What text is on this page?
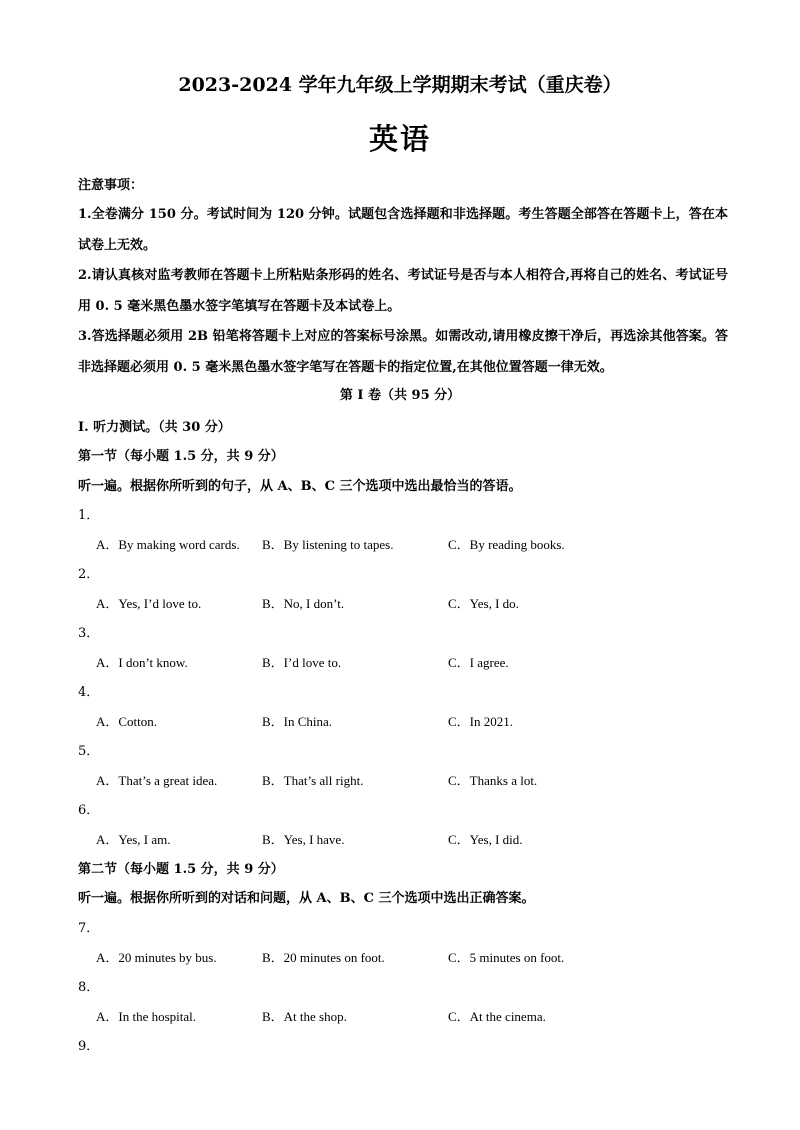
2023-2024 学年九年级上学期期末考试（重庆卷）
英语
注意事项：

1.全卷满分 150 分。考试时间为 120 分钟。试题包含选择题和非选择题。考生答题全部答在答题卡上，答在本试卷上无效。

2.请认真核对监考教师在答题卡上所粘贴条形码的姓名、考试证号是否与本人相符合,再将自己的姓名、考试证号用 0. 5 毫米黑色墨水签字笔填写在答题卡及本试卷上。

3.答选择题必须用 2B 铅笔将答题卡上对应的答案标号涂黑。如需改动,请用橡皮擦干净后，再选涂其他答案。答非选择题必须用 0. 5 毫米黑色墨水签字笔写在答题卡的指定位置,在其他位置答题一律无效。

第 I 卷（共 95 分）
I. 听力测试。（共 30 分）
第一节（每小题 1.5 分，共 9 分）
听一遍。根据你所听到的句子，从 A、B、C 三个选项中选出最恰当的答语。
1．
A．By making word cards. B．By listening to tapes.	C．By reading books.
2．
A．Yes, I’d love to.	B．No, I don’t.	C．Yes, I do.
3．
A．I don’t know.	B．I’d love to.	C．I agree.
4．
A．Cotton.	B．In China.	C．In 2021.
5．
A．That’s a great idea.	B．That’s all right.	C．Thanks a lot.
6．
A．Yes, I am.	B．Yes, I have.	C．Yes, I did.
第二节（每小题 1.5 分，共 9 分）
听一遍。根据你所听到的对话和问题，从 A、B、C 三个选项中选出正确答案。
7．
A．20 minutes by bus.	B．20 minutes on foot.	C．5 minutes on foot.
8．
A．In the hospital.	B．At the shop.	C．At the cinema.
9．
